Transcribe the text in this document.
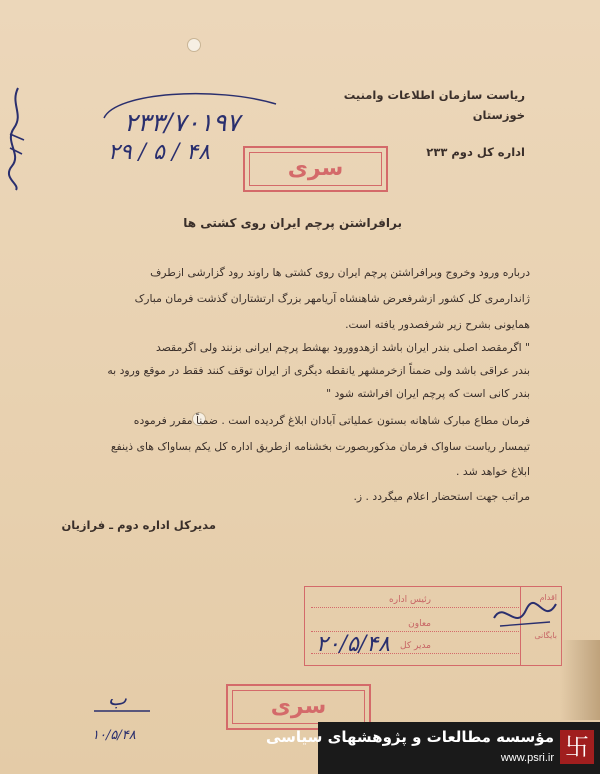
ریاست سازمان اطلاعات وامنیت
خوزستان
اداره کل دوم ۲۳۳
۲۳۳/۷۰۱۹۷
۲۹ / ۵ / ۴۸
سری
برافراشتن پرچم ایران روی کشتی ها
درباره ورود وخروج وبرافراشتن پرچم ایران روی کشتی ها راوند رود گزارشی ازطرف
ژاندارمری کل کشور ازشرفعرض شاهنشاه آریامهر بزرگ ارتشتاران گذشت فرمان مبارک
همایونی بشرح زیر شرفصدور یافته است.
" اگرمقصد اصلی بندر ایران باشد ازهدوورود بهشط پرچم ایرانی بزنند ولی اگرمقصد
بندر عراقی باشد ولی ضمناً ازخرمشهر یانقطه دیگری از ایران توقف کنند فقط در موقع ورود به
بندر کانی است که پرچم ایران افراشته شود "
فرمان مطاع مبارک شاهانه بستون عملیاتی آبادان ابلاغ گردیده است . ضمناً مقرر فرموده
تیمسار ریاست ساواک فرمان مذکوربصورت بخشنامه ازطریق اداره کل یکم بساواک های ذینفع
ابلاغ خواهد شد .
مراتب جهت استحضار اعلام میگردد . ز.
مدیرکل اداره دوم ـ فرازیان
رئیس اداره
معاون
مدیر کل
اقدام
بایگانی
۲۰/۵/۴۸
سری
ب
۱۰/۵/۴۸	مؤسسه مطالعات و پژوهشهای سیاسی
www.psri.ir 卐
